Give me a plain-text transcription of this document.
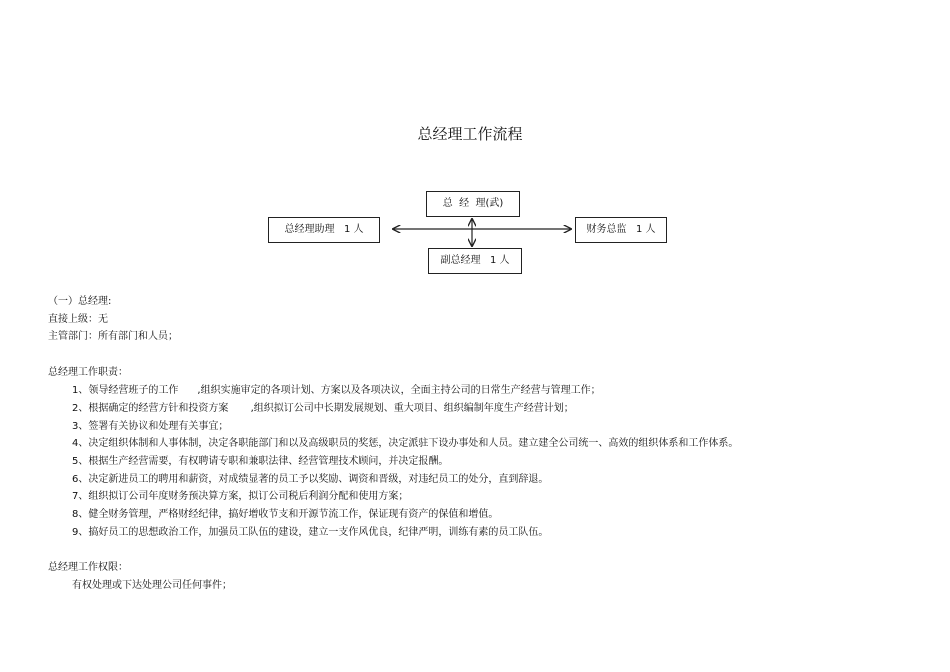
总经理工作流程
总  经  理(武)
总经理助理   1 人	财务总监   1 人
副总经理   1 人
（一）总经理:
直接上级：无
主管部门：所有部门和人员；
总经理工作职责：
1、领导经营班子的工作      ,组织实施审定的各项计划、方案以及各项决议，全面主持公司的日常生产经营与管理工作；
2、根据确定的经营方针和投资方案       ,组织拟订公司中长期发展规划、重大项目、组织编制年度生产经营计划；
3、签署有关协议和处理有关事宜；
4、决定组织体制和人事体制，决定各职能部门和以及高级职员的奖惩，决定派驻下设办事处和人员。建立建全公司统一、高效的组织体系和工作体系。
5、根据生产经营需要，有权聘请专职和兼职法律、经营管理技术顾问，并决定报酬。
6、决定新进员工的聘用和薪资，对成绩显著的员工予以奖励、调资和晋级，对违纪员工的处分，直到辞退。
7、组织拟订公司年度财务预决算方案，拟订公司税后利润分配和使用方案；
8、健全财务管理，严格财经纪律，搞好增收节支和开源节流工作，保证现有资产的保值和增值。
9、搞好员工的思想政治工作，加强员工队伍的建设，建立一支作风优良，纪律严明，训练有素的员工队伍。
总经理工作权限：
有权处理或下达处理公司任何事件；
